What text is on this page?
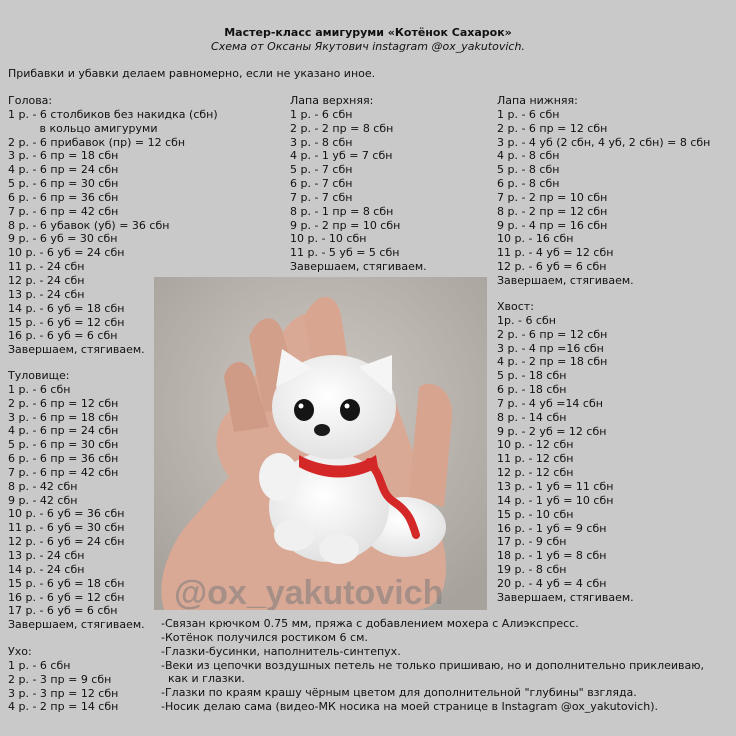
Мастер-класс амигуруми «Котёнок Сахарок»
Схема от Оксаны Якутович instagram @ox_yakutovich.
Прибавки и убавки делаем равномерно, если не указано иное.
Голова:
1 р. - 6 столбиков без накидка (сбн)
в кольцо амигуруми
2 р. - 6 прибавок (пр) = 12 сбн
3 р. - 6 пр = 18 сбн
4 р. - 6 пр = 24 сбн
5 р. - 6 пр = 30 сбн
6 р. - 6 пр = 36 сбн
7 р. - 6 пр = 42 сбн
8 р. - 6 убавок (уб) = 36 сбн
9 р. - 6 уб = 30 сбн
10 р. - 6 уб = 24 сбн
11 р. - 24 сбн
12 р. - 24 сбн
13 р. - 24 сбн
14 р. - 6 уб = 18 сбн
15 р. - 6 уб = 12 сбн
16 р. - 6 уб = 6 сбн
Завершаем, стягиваем.
Туловище:
1 р. - 6 сбн
2 р. - 6 пр = 12 сбн
3 р. - 6 пр = 18 сбн
4 р. - 6 пр = 24 сбн
5 р. - 6 пр = 30 сбн
6 р. - 6 пр = 36 сбн
7 р. - 6 пр = 42 сбн
8 р. - 42 сбн
9 р. - 42 сбн
10 р. - 6 уб = 36 сбн
11 р. - 6 уб = 30 сбн
12 р. - 6 уб = 24 сбн
13 р. - 24 сбн
14 р. - 24 сбн
15 р. - 6 уб = 18 сбн
16 р. - 6 уб = 12 сбн
17 р. - 6 уб = 6 сбн
Завершаем, стягиваем.
Ухо:
1 р. - 6 сбн
2 р. - 3 пр = 9 сбн
3 р. - 3 пр = 12 сбн
4 р. - 2 пр = 14 сбн
Лапа верхняя:
1 р. - 6 сбн
2 р. - 2 пр = 8 сбн
3 р. - 8 сбн
4 р. - 1 уб = 7 сбн
5 р. - 7 сбн
6 р. - 7 сбн
7 р. - 7 сбн
8 р. - 1 пр = 8 сбн
9 р. - 2 пр = 10 сбн
10 р. - 10 сбн
11 р. - 5 уб = 5 сбн
Завершаем, стягиваем.
Лапа нижняя:
1 р. - 6 сбн
2 р. - 6 пр = 12 сбн
3 р. - 4 уб (2 сбн, 4 уб, 2 сбн) = 8 сбн
4 р. - 8 сбн
5 р. - 8 сбн
6 р. - 8 сбн
7 р. - 2 пр = 10 сбн
8 р. - 2 пр = 12 сбн
9 р. - 4 пр = 16 сбн
10 р. - 16 сбн
11 р. - 4 уб = 12 сбн
12 р. - 6 уб = 6 сбн
Завершаем, стягиваем.
Хвост:
1р. - 6 сбн
2 р. - 6 пр = 12 сбн
3 р. - 4 пр =16 сбн
4 р. - 2 пр = 18 сбн
5 р. - 18 сбн
6 р. - 18 сбн
7 р. - 4 уб =14 сбн
8 р. - 14 сбн
9 р. - 2 уб = 12 сбн
10 р. - 12 сбн
11 р. - 12 сбн
12 р. - 12 сбн
13 р. - 1 уб = 11 сбн
14 р. - 1 уб = 10 сбн
15 р. - 10 сбн
16 р. - 1 уб = 9 сбн
17 р. - 9 сбн
18 р. - 1 уб = 8 сбн
19 р. - 8 сбн
20 р. - 4 уб = 4 сбн
Завершаем, стягиваем.
@ox_yakutovich
-Связан крючком 0.75 мм, пряжа с добавлением мохера с Алиэкспресс.
-Котёнок получился ростиком 6 см.
-Глазки-бусинки, наполнитель-синтепух.
-Веки из цепочки воздушных петель не только пришиваю, но и дополнительно приклеиваю,
как и глазки.
-Глазки по краям крашу чёрным цветом для дополнительной "глубины" взгляда.
-Носик делаю сама (видео-МК носика на моей странице в Instagram @ox_yakutovich).
